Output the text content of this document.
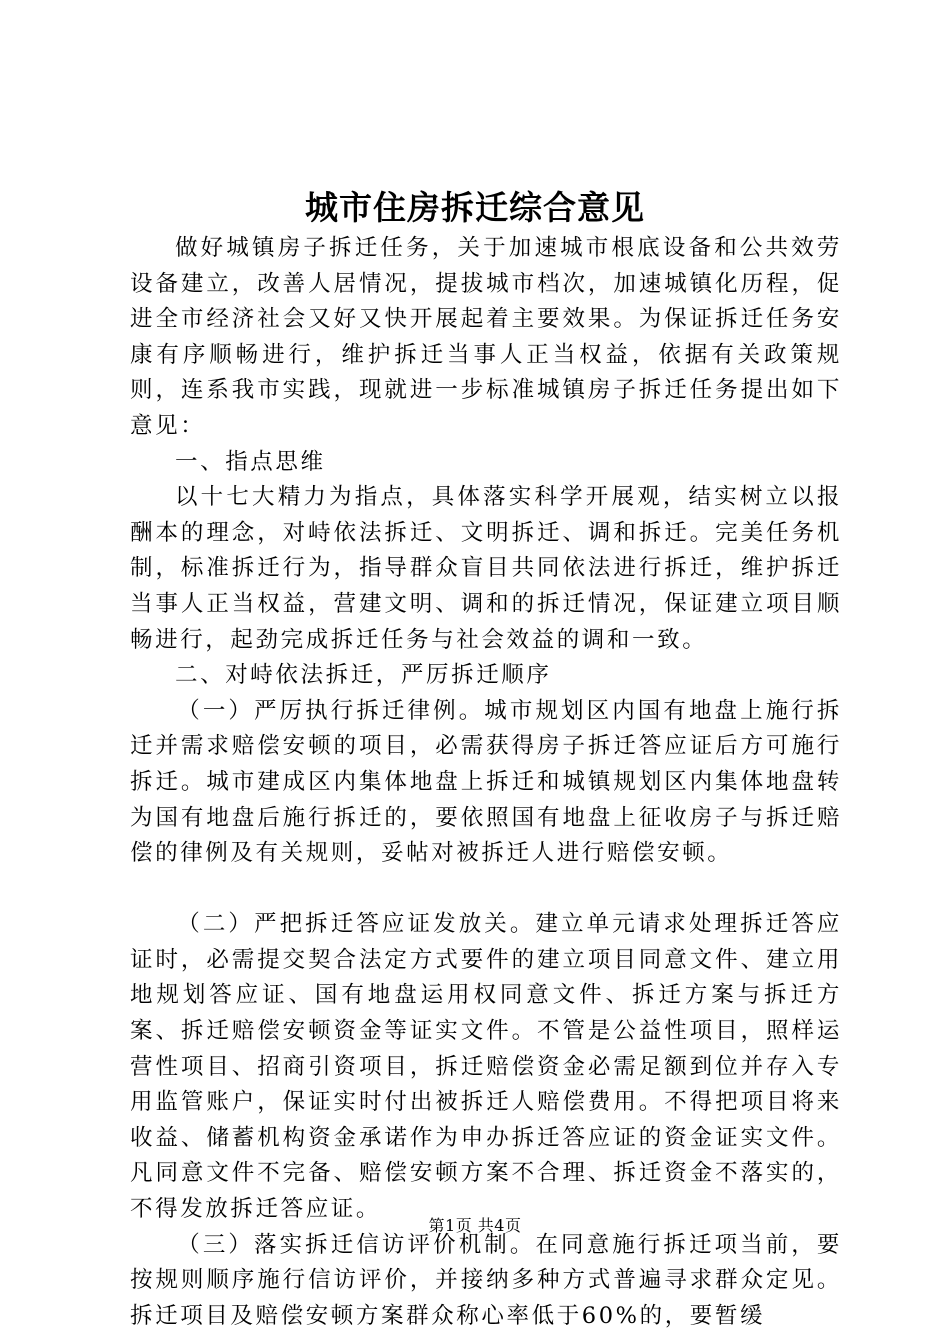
城市住房拆迁综合意见

做好城镇房子拆迁任务，关于加速城市根底设备和公共效劳设备建立，改善人居情况，提拔城市档次，加速城镇化历程，促进全市经济社会又好又快开展起着主要效果。为保证拆迁任务安康有序顺畅进行，维护拆迁当事人正当权益，依据有关政策规则，连系我市实践，现就进一步标准城镇房子拆迁任务提出如下意见：

一、指点思维

以十七大精力为指点，具体落实科学开展观，结实树立以报酬本的理念，对峙依法拆迁、文明拆迁、调和拆迁。完美任务机制，标准拆迁行为，指导群众盲目共同依法进行拆迁，维护拆迁当事人正当权益，营建文明、调和的拆迁情况，保证建立项目顺畅进行，起劲完成拆迁任务与社会效益的调和一致。

二、对峙依法拆迁，严厉拆迁顺序

（一）严厉执行拆迁律例。城市规划区内国有地盘上施行拆迁并需求赔偿安顿的项目，必需获得房子拆迁答应证后方可施行拆迁。城市建成区内集体地盘上拆迁和城镇规划区内集体地盘转为国有地盘后施行拆迁的，要依照国有地盘上征收房子与拆迁赔偿的律例及有关规则，妥帖对被拆迁人进行赔偿安顿。

（二）严把拆迁答应证发放关。建立单元请求处理拆迁答应证时，必需提交契合法定方式要件的建立项目同意文件、建立用地规划答应证、国有地盘运用权同意文件、拆迁方案与拆迁方案、拆迁赔偿安顿资金等证实文件。不管是公益性项目，照样运营性项目、招商引资项目，拆迁赔偿资金必需足额到位并存入专用监管账户，保证实时付出被拆迁人赔偿费用。不得把项目将来收益、储蓄机构资金承诺作为申办拆迁答应证的资金证实文件。凡同意文件不完备、赔偿安顿方案不合理、拆迁资金不落实的，不得发放拆迁答应证。

（三）落实拆迁信访评价机制。在同意施行拆迁项当前，要按规则顺序施行信访评价，并接纳多种方式普遍寻求群众定见。拆迁项目及赔偿安顿方案群众称心率低于60%的，要暂缓

第1页 共4页
